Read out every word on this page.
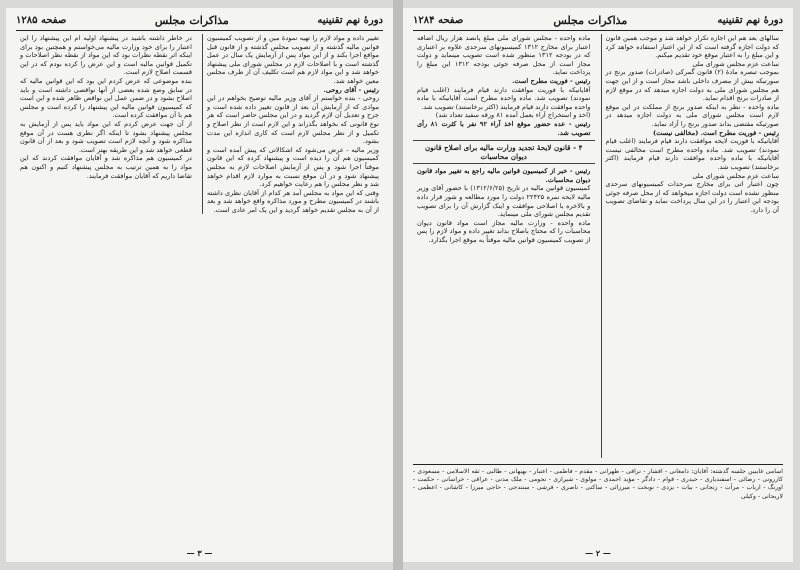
دورهٔ نهم تقنینیه
مذاکرات مجلس
صفحه ۱۲۸۵

تغییر داده و مواد لازم را تهیه نمودهٔ مین و از تصویب کمیسیون قوانین مالیه گذشته و از تصویب مجلس گذشته و از قانون قبل مواقع اجرا بکند و از این مواد پس از آزمایش یک سال در عمل گذشته است و با اصلاحات لازم در مجلس شورای ملی پیشنهاد خواهد شد و این مواد لازم هم است تکلیف آن از طرف مجلس معین خواهد شد.

رئیس - آقای روحی.

روحی - بنده خواستم از آقای وزیر مالیه توضیح بخواهم در این موادی که از آزمایش آن بعد از قانون تغییر داده شده است و جرح و تعدیل آن لازم گردید و در این مجلس حاضر است که هر نوع قانونی که بخواهد بگذراند و این لازم است از نظر اصلاح و تکمیل و از نظر مجلس لازم است که کاری اندازه این مدت بشود.

وزیر مالیه - عرض می‌شود که اشکالاتی که پیش آمده است و کمیسیون هم آن را دیده است و پیشنهاد کرده که این قانون موقتاً اجرا شود و پس از آزمایش اصلاحات لازم به مجلس پیشنهاد شود و در آن موقع نسبت به موارد لازم اقدام خواهد شد و نظر مجلس را هم رعایت خواهیم کرد.

وقتی که این مواد به مجلس آمد هر کدام از آقایان نظری داشته باشند در کمیسیون مطرح و مورد مذاکره واقع خواهد شد و بعد از آن به مجلس تقدیم خواهد گردید و این یک امر عادی است.

در خاطر داشته باشید در پیشنهاد اولیه ام این پیشنهاد را این اعتبار را برای خود وزارت مالیه می‌خواستم و همچنین بود برای اینکه اثر نقطه نظرات بود که این مواد از نقطه نظر اصلاحات و تکمیل قوانین مالیه است و این عرض را کرده بودم که در این قسمت اصلاح لازم است.

بنده موضوعی که عرض کردم این بود که این قوانین مالیه که در سابق وضع شده بعضی از آنها نواقصی داشته است و باید اصلاح بشود و در ضمن عمل این نواقص ظاهر شده و این است که کمیسیون قوانین مالیه این پیشنهاد را کرده است و مجلس هم با آن موافقت کرده است.

از آن جهت عرض کردم که این مواد باید پس از آزمایش به مجلس پیشنهاد بشود تا اینکه اگر نظری هست در آن موقع مذاکره شود و آنچه لازم است تصویب شود و بعد از آن قانون قطعی خواهد شد و این طریقه بهتر است.

در کمیسیون هم مذاکره شد و آقایان موافقت کردند که این مواد را به همین ترتیب به مجلس پیشنهاد کنیم و اکنون هم تقاضا داریم که آقایان موافقت فرمایند.

— ۳ —
دورهٔ نهم تقنینیه
مذاکرات مجلس
صفحه ۱۲۸۴

سالهای بعد هم این اجازه تکرار خواهد شد و موجب همین قانون که دولت اجازه گرفته است که از این اعتبار استفاده خواهد کرد و این مبلغ را به اعتبار موقع خود تقدیم میکنم.

ساعت عزم مجلس شورای ملی

بموجب تبصره مادهٔ (۲) قانون گمرکی (صادرات) صدور برنج در سورتیکه بیش از مصرف داخلی باشد مجاز است و از این جهت هم مجلس شورای ملی به دولت اجازه میدهد که در موقع لازم از صادرات برنج اقدام نماید.

ماده واحده - نظر به اینکه صدور برنج از مملکت در این موقع لازم است مجلس شورای ملی به دولت اجازه میدهد در صورتیکه مقتضی بداند صدور برنج را آزاد نماید.

رئیس - فوریت مطرح است. (مخالفی نیست)

آقایانیکه با فوریت لایحه موافقت دارند قیام فرمایند (اغلب قیام نمودند) تصویب شد. ماده واحده مطرح است مخالفی نیست آقایانیکه با ماده واحده موافقت دارند قیام فرمایند (اکثر برخاستند) تصویب شد.

ساعت عزم مجلس شورای ملی

چون اعتبار اتی برای مخارج سرحدات کمیسیونهای سرحدی منظور نشده است دولت اجازه میخواهد که از محل صرفه جوئی بودجه این اعتبار را در این سال پرداخت نماید و تقاضای تصویب آن را دارد.

ماده واحده - مجلس شورای ملی مبلغ پانصد هزار ریال اضافه اعتبار برای مخارج ۱۳۱۲ کمیسیونهای سرحدی علاوه بر اعتباری که در بودجه ۱۳۱۲ منظور شده است تصویب مینماید و دولت مجاز است از محل صرفه جوئی بودجه ۱۳۱۲ این مبلغ را پرداخت نماید.

رئیس - فوریت مطرح است.

آقایانیکه با فوریت موافقت دارند قیام فرمایند (اغلب قیام نمودند) تصویب شد. ماده واحده مطرح است آقایانیکه با ماده واحده موافقت دارند قیام فرمایند (اکثر برخاستند) تصویب شد.

(اخذ و استخراج آراء بعمل آمده ۸۱ ورقه سفید تعداد شد)

رئیس - عده حضور موقع اخذ آراء ۹۲ نفر با کثرت ۸۱ رأی تصویب شد.

۴ - قانون لایحهٔ تجدید وزارت مالیه برای اصلاح قانون دیوان محاسبات

رئیس - خبر از کمیسیون قوانین مالیه راجع به تغییر مواد قانون دیوان محاسبات.

کمیسیون قوانین مالیه در تاریخ (۱۳۱۲/۶/۲۵) با حضور آقای وزیر مالیه لایحه نمره ۲۲۴۲۵ دولت را مورد مطالعه و شور قرار داده و بالاخره با اصلاحی موافقت و اینک گزارش آن را برای تصویب تقدیم مجلس شورای ملی مینماید.

ماده واحده - وزارت مالیه مجاز است مواد قانون دیوان محاسبات را که محتاج باصلاح بداند تغییر داده و مواد لازم را پس از تصویب کمیسیون قوانین مالیه موقتاً به موقع اجرا بگذارد.

اسامی غایبین جلسه گذشته: آقایان: دامغانی - افشار - نراقی - طهرانی - مقدم - فاطمی - اعتبار - بهبهانی - طالبی - ثقه الاسلامی - مسعودی - کازرونی - رضائی - اسفندیاری - حیدری - قوام - دادگر - مؤید احمدی - مولوی - شیرازی - نجومی - ملک مدنی - عراقی - خراسانی - حکمت - اورنگ - ارباب - مرآت - زنجانی - بیات - یزدی - نوبخت - میرزائی - ساکنی - ناصری - فرشی - سنندجی - حاجی میرزا - کاشانی - اعظمی - لاریجانی - وکیلی
— ۲ —
